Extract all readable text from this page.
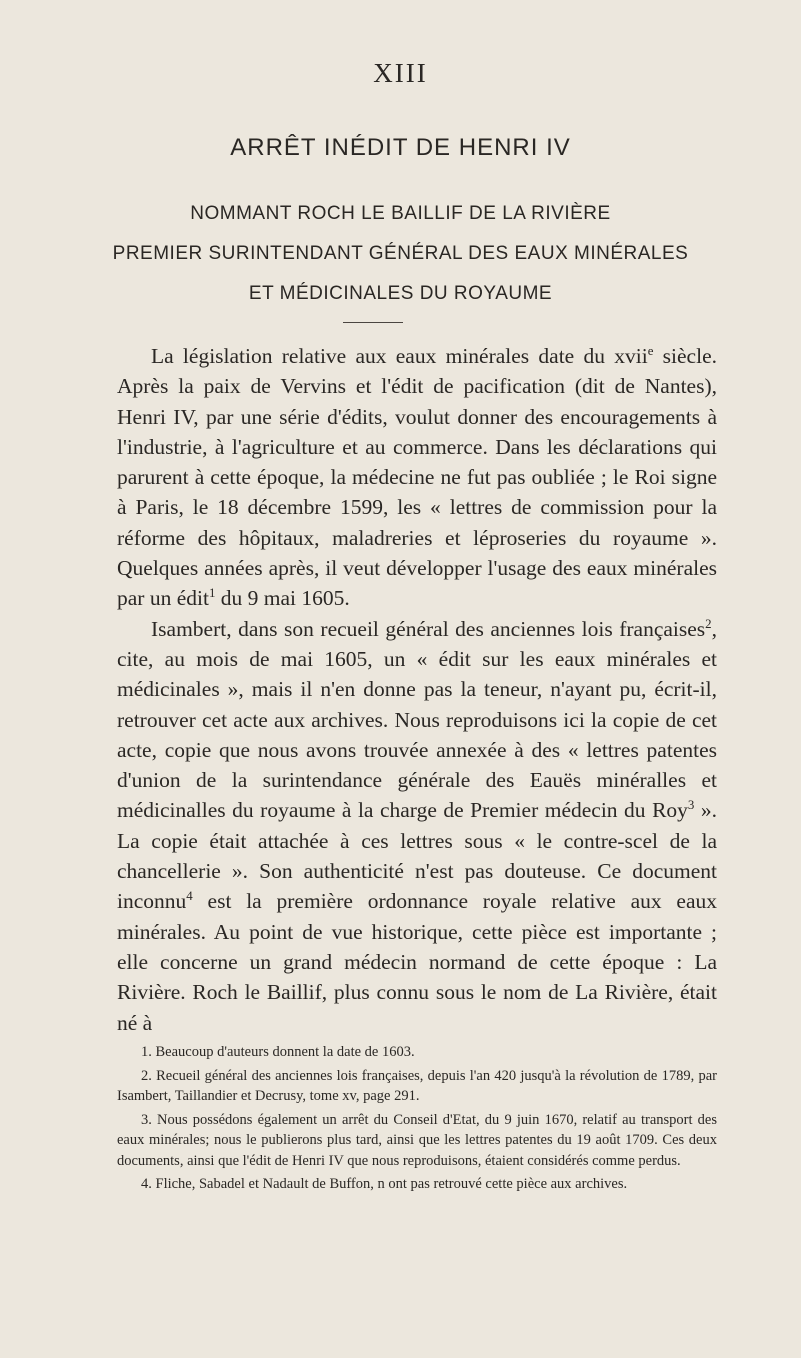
XIII
ARRÊT INÉDIT DE HENRI IV
NOMMANT ROCH LE BAILLIF DE LA RIVIÈRE
PREMIER SURINTENDANT GÉNÉRAL DES EAUX MINÉRALES
ET MÉDICINALES DU ROYAUME

La législation relative aux eaux minérales date du xvii$^e$ siècle. Après la paix de Vervins et l'édit de pacification (dit de Nantes), Henri IV, par une série d'édits, voulut donner des encouragements à l'industrie, à l'agriculture et au commerce. Dans les déclarations qui parurent à cette époque, la médecine ne fut pas oubliée ; le Roi signe à Paris, le 18 décembre 1599, les « lettres de commission pour la réforme des hôpitaux, maladreries et léproseries du royaume ». Quelques années après, il veut développer l'usage des eaux minérales par un édit$^1$ du 9 mai 1605.

Isambert, dans son recueil général des anciennes lois françaises$^2$, cite, au mois de mai 1605, un « édit sur les eaux minérales et médicinales », mais il n'en donne pas la teneur, n'ayant pu, écrit-il, retrouver cet acte aux archives. Nous reproduisons ici la copie de cet acte, copie que nous avons trouvée annexée à des « lettres patentes d'union de la surintendance générale des Eauës minéralles et médicinalles du royaume à la charge de Premier médecin du Roy$^3$ ». La copie était attachée à ces lettres sous « le contre-scel de la chancellerie ». Son authenticité n'est pas douteuse. Ce document inconnu$^4$ est la première ordonnance royale relative aux eaux minérales. Au point de vue historique, cette pièce est importante ; elle concerne un grand médecin normand de cette époque : La Rivière. Roch le Baillif, plus connu sous le nom de La Rivière, était né à

1. Beaucoup d'auteurs donnent la date de 1603.

2. Recueil général des anciennes lois françaises, depuis l'an 420 jusqu'à la révolution de 1789, par Isambert, Taillandier et Decrusy, tome xv, page 291.

3. Nous possédons également un arrêt du Conseil d'Etat, du 9 juin 1670, relatif au transport des eaux minérales; nous le publierons plus tard, ainsi que les lettres patentes du 19 août 1709. Ces deux documents, ainsi que l'édit de Henri IV que nous reproduisons, étaient considérés comme perdus.

4. Fliche, Sabadel et Nadault de Buffon, n ont pas retrouvé cette pièce aux archives.
